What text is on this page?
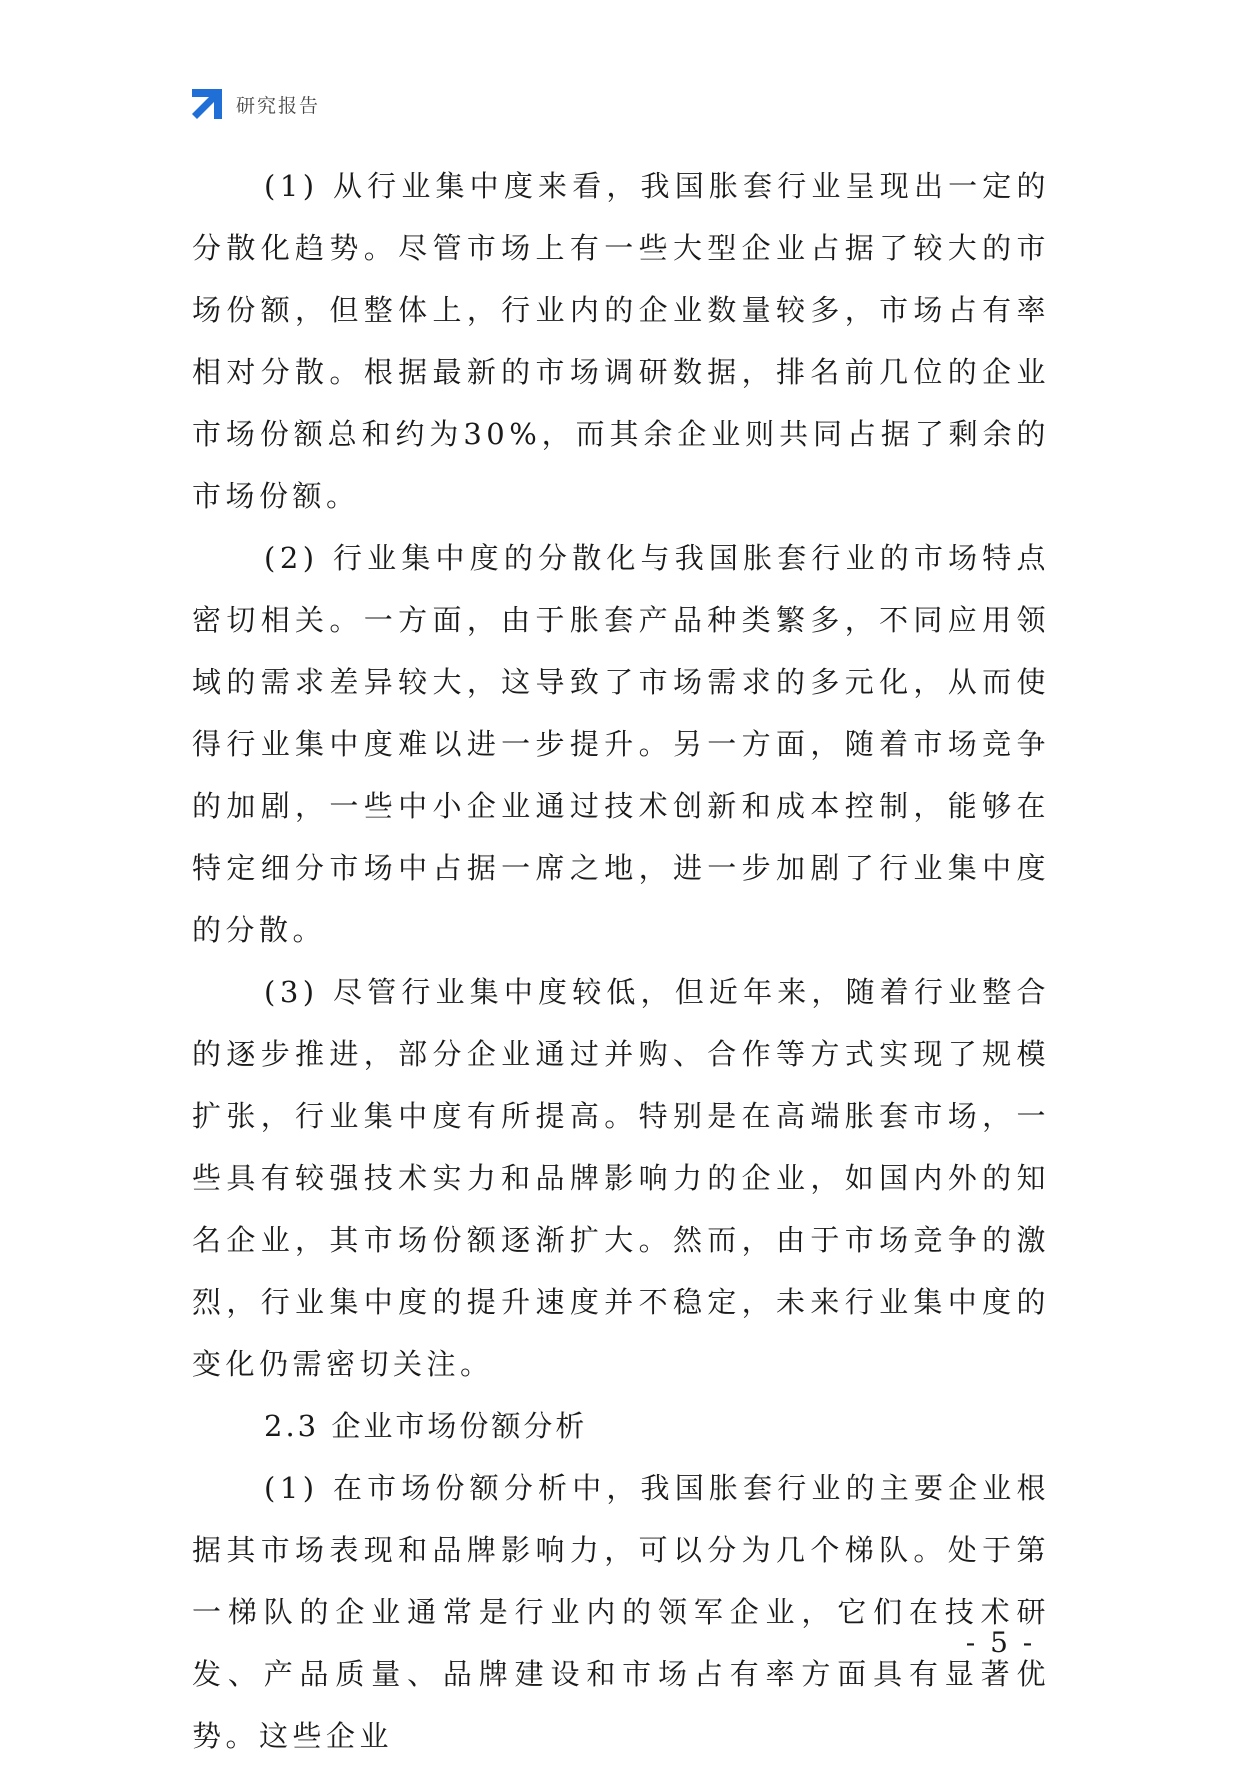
研究报告

(1) 从行业集中度来看，我国胀套行业呈现出一定的分散化趋势。尽管市场上有一些大型企业占据了较大的市场份额，但整体上，行业内的企业数量较多，市场占有率相对分散。根据最新的市场调研数据，排名前几位的企业市场份额总和约为30%，而其余企业则共同占据了剩余的市场份额。

(2) 行业集中度的分散化与我国胀套行业的市场特点密切相关。一方面，由于胀套产品种类繁多，不同应用领域的需求差异较大，这导致了市场需求的多元化，从而使得行业集中度难以进一步提升。另一方面，随着市场竞争的加剧，一些中小企业通过技术创新和成本控制，能够在特定细分市场中占据一席之地，进一步加剧了行业集中度的分散。

(3) 尽管行业集中度较低，但近年来，随着行业整合的逐步推进，部分企业通过并购、合作等方式实现了规模扩张，行业集中度有所提高。特别是在高端胀套市场，一些具有较强技术实力和品牌影响力的企业，如国内外的知名企业，其市场份额逐渐扩大。然而，由于市场竞争的激烈，行业集中度的提升速度并不稳定，未来行业集中度的变化仍需密切关注。

2.3 企业市场份额分析

(1) 在市场份额分析中，我国胀套行业的主要企业根据其市场表现和品牌影响力，可以分为几个梯队。处于第一梯队的企业通常是行业内的领军企业，它们在技术研发、产品质量、品牌建设和市场占有率方面具有显著优势。这些企业

- 5 -
